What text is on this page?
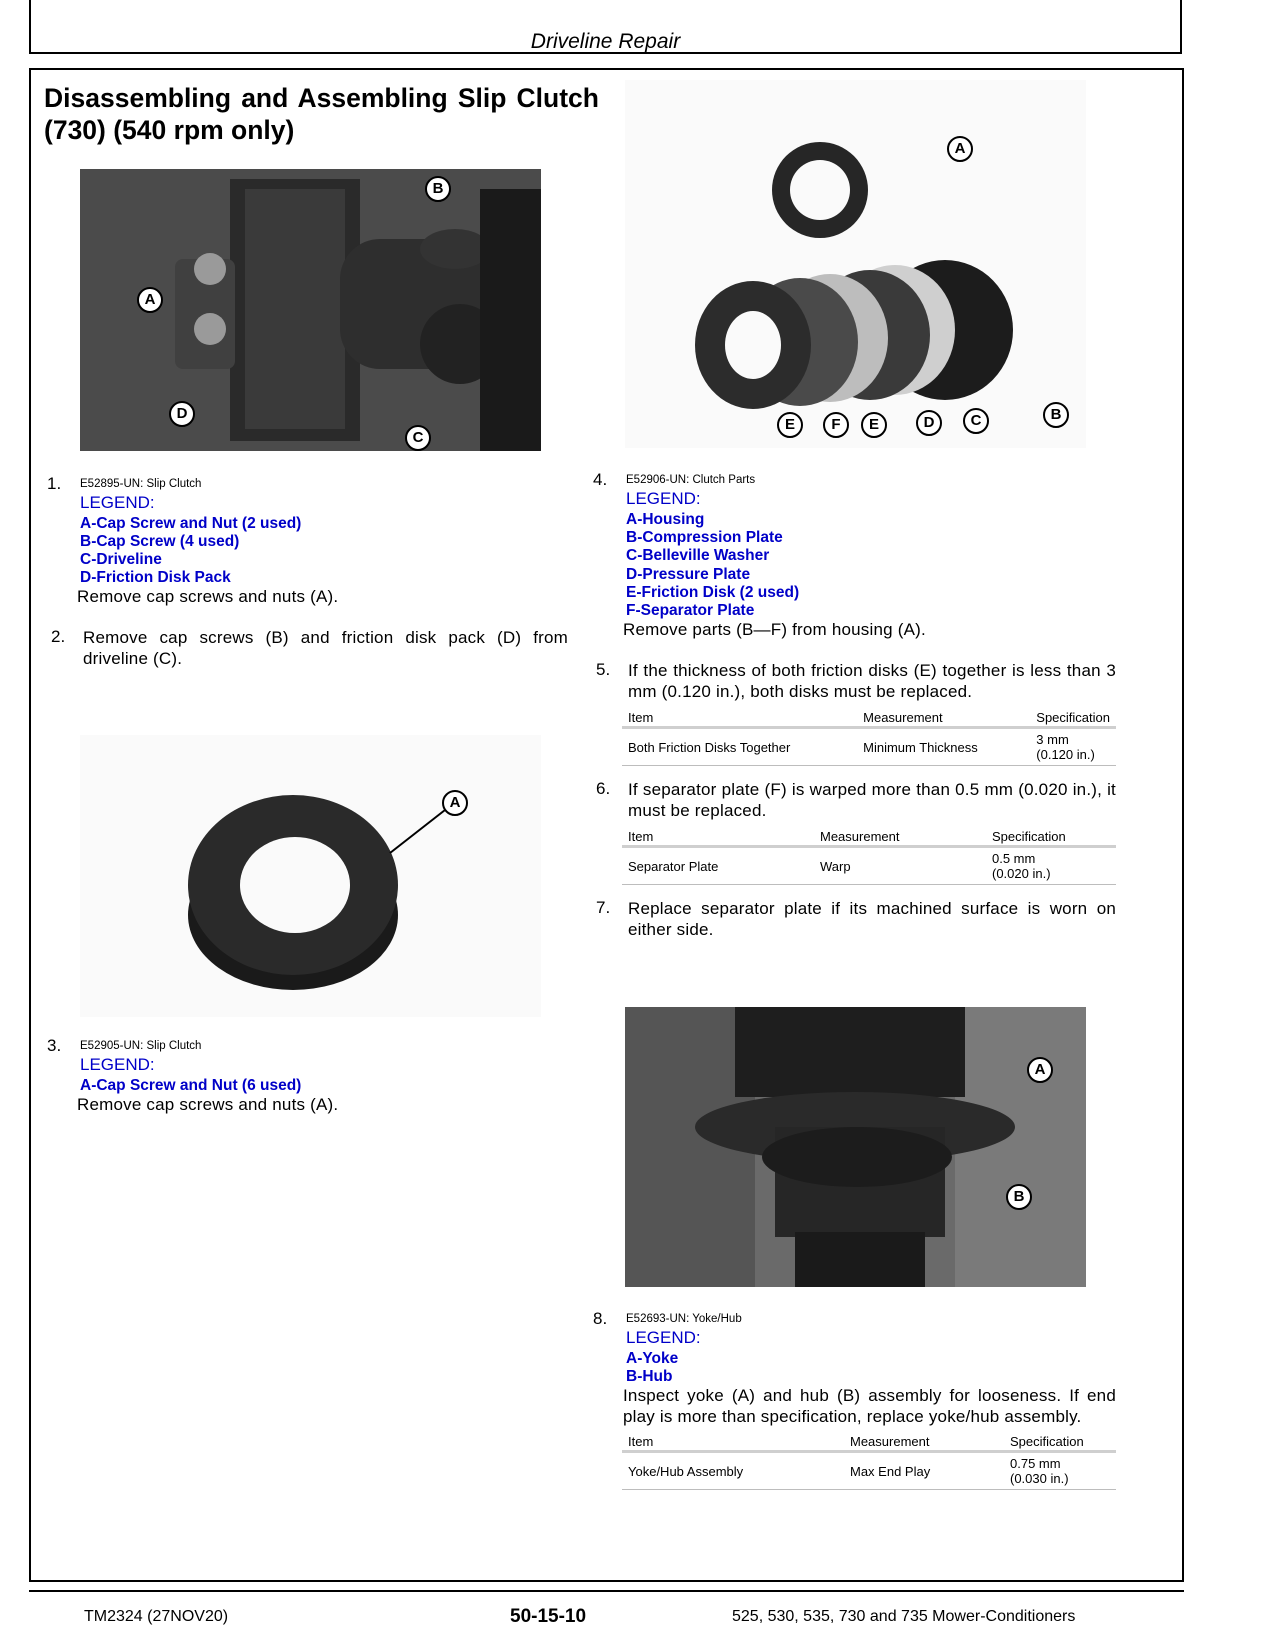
Driveline Repair
Disassembling and Assembling Slip Clutch (730) (540 rpm only)
B
A
D
C
1. E52895-UN: Slip Clutch
LEGEND:
A-Cap Screw and Nut (2 used)
B-Cap Screw (4 used)
C-Driveline
D-Friction Disk Pack
Remove cap screws and nuts (A).
2. Remove cap screws (B) and friction disk pack (D) from driveline (C).
A
3. E52905-UN: Slip Clutch
LEGEND:
A-Cap Screw and Nut (6 used)
Remove cap screws and nuts (A).
A
E	F	E	D	C	B
4. E52906-UN: Clutch Parts
LEGEND:
A-Housing
B-Compression Plate
C-Belleville Washer
D-Pressure Plate
E-Friction Disk (2 used)
F-Separator Plate
Remove parts (B—F) from housing (A).
5. If the thickness of both friction disks (E) together is less than 3 mm (0.120 in.), both disks must be replaced.
Item	Measurement	Specification
Both Friction Disks Together	Minimum Thickness	3 mm
(0.120 in.)
6. If separator plate (F) is warped more than 0.5 mm (0.020 in.), it must be replaced.
Item	Measurement	Specification
Separator Plate	Warp	0.5 mm
(0.020 in.)
7. Replace separator plate if its machined surface is worn on either side.
A
B
8. E52693-UN: Yoke/Hub
LEGEND:
A-Yoke
B-Hub
Inspect yoke (A) and hub (B) assembly for looseness. If end play is more than specification, replace yoke/hub assembly.
Item	Measurement	Specification
Yoke/Hub Assembly	Max End Play	0.75 mm
(0.030 in.)
TM2324 (27NOV20)	50-15-10	525, 530, 535, 730 and 735 Mower-Conditioners
